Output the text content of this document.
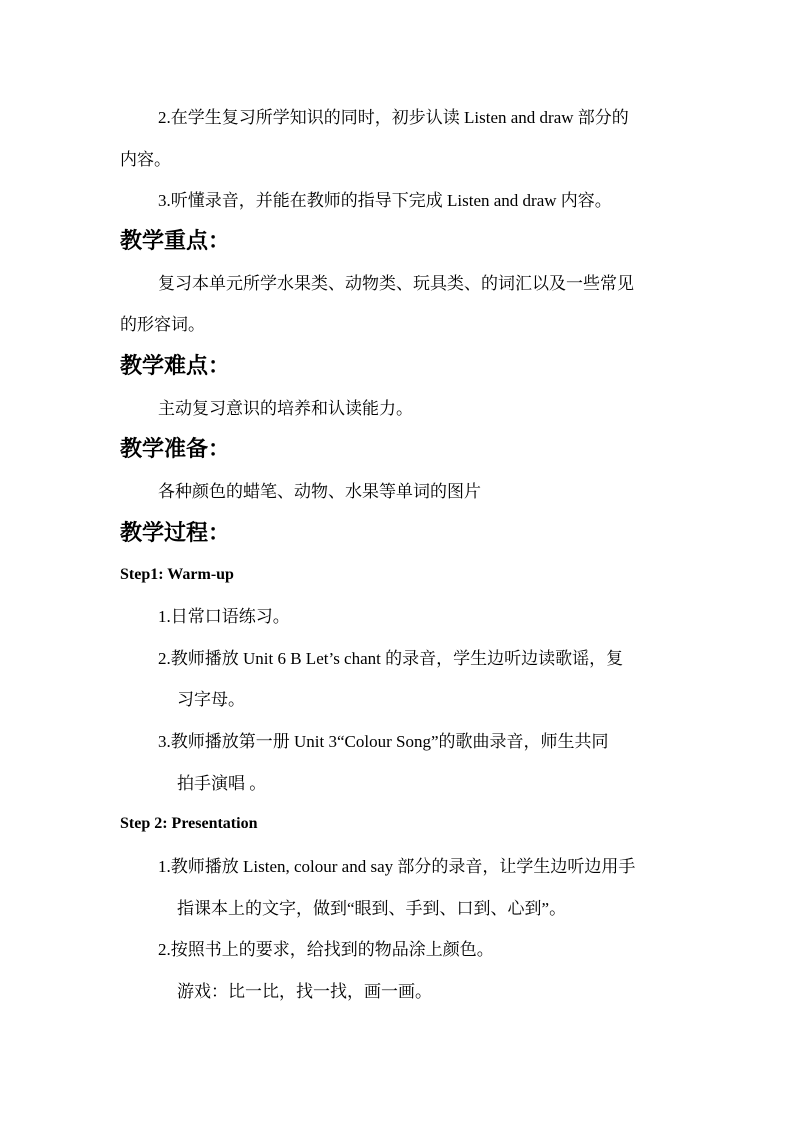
2.在学生复习所学知识的同时，初步认读 Listen and draw 部分的
内容。
3.听懂录音，并能在教师的指导下完成 Listen and draw 内容。
教学重点：
复习本单元所学水果类、动物类、玩具类、的词汇以及一些常见
的形容词。
教学难点：
主动复习意识的培养和认读能力。
教学准备：
各种颜色的蜡笔、动物、水果等单词的图片
教学过程：
Step1: Warm-up
1.日常口语练习。
2.教师播放 Unit 6 B Let’s chant 的录音，学生边听边读歌谣，复
习字母。
3.教师播放第一册 Unit 3“Colour Song”的歌曲录音，师生共同
拍手演唱 。
Step 2: Presentation
1.教师播放 Listen, colour and say 部分的录音，让学生边听边用手
指课本上的文字，做到“眼到、手到、口到、心到”。
2.按照书上的要求，给找到的物品涂上颜色。
游戏：比一比，找一找，画一画。
